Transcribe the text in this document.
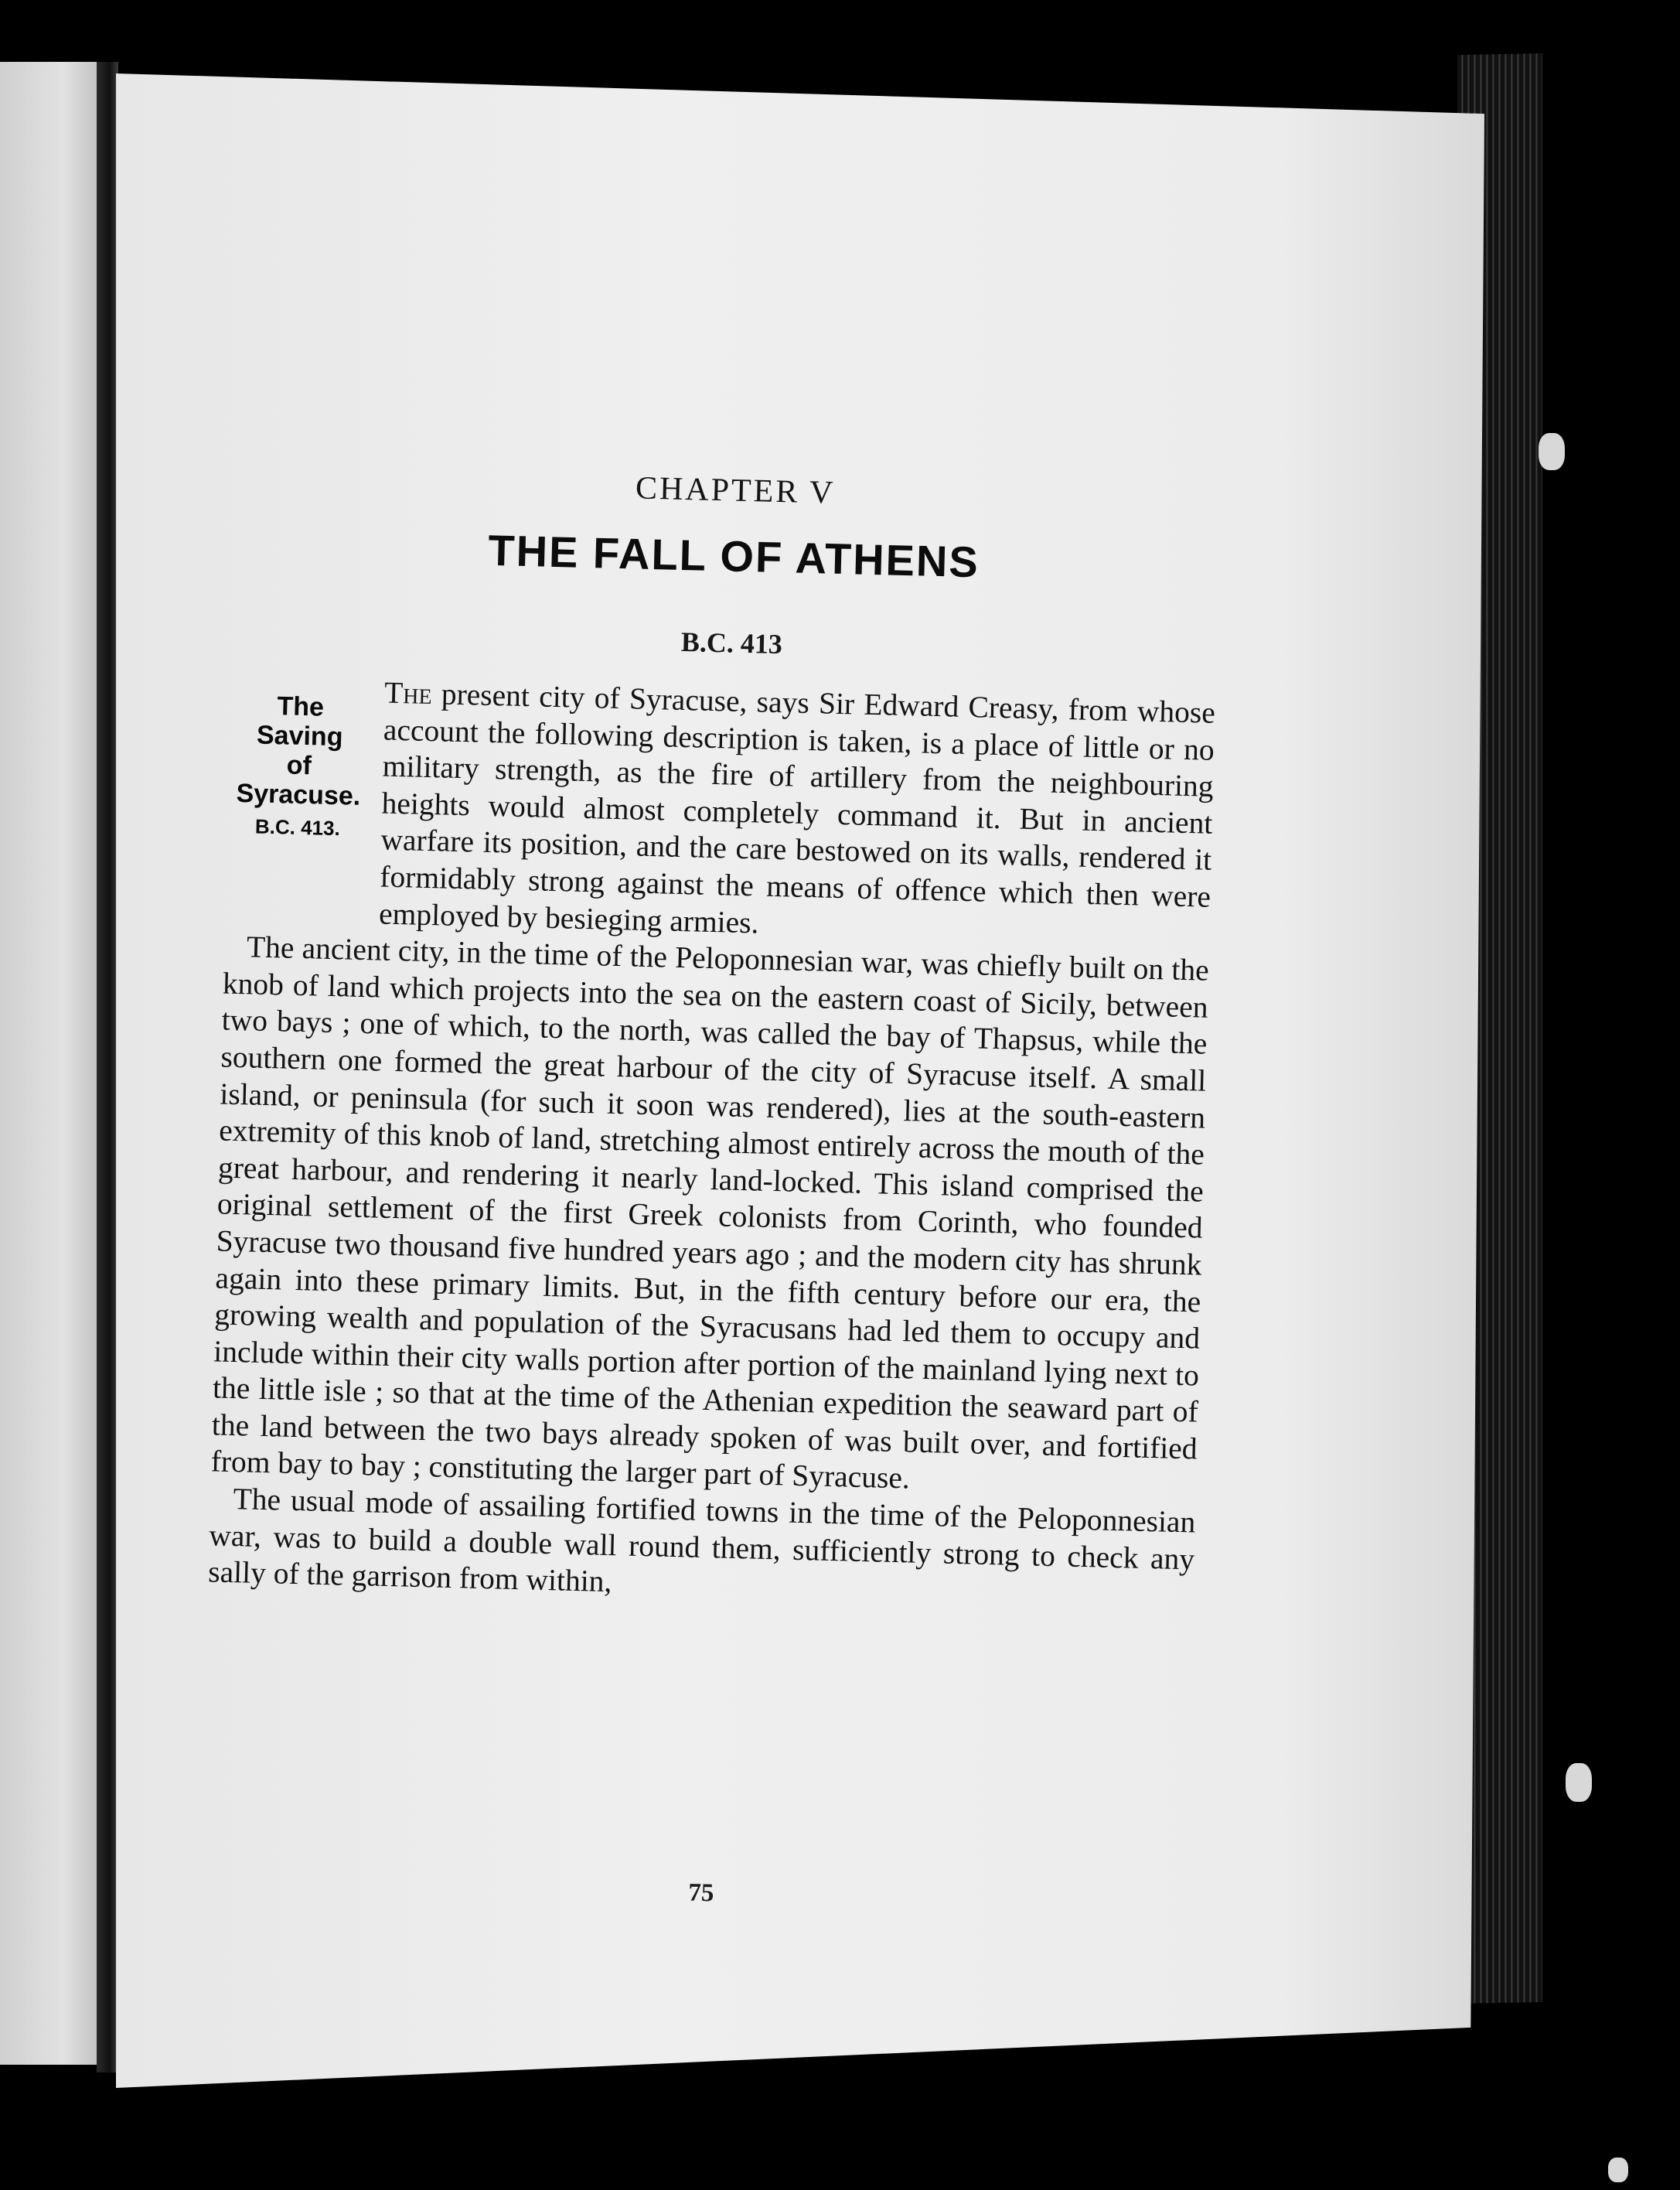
CHAPTER V
THE FALL OF ATHENS
B.C. 413
The
Saving
of
Syracuse.
B.C. 413.

The present city of Syracuse, says Sir Edward Creasy, from whose account the following description is taken, is a place of little or no military strength, as the fire of artillery from the neighbouring heights would almost completely command it. But in ancient warfare its position, and the care bestowed on its walls, rendered it formidably strong against the means of offence which then were employed by besieging armies.

The ancient city, in the time of the Peloponnesian war, was chiefly built on the knob of land which projects into the sea on the eastern coast of Sicily, between two bays ; one of which, to the north, was called the bay of Thapsus, while the southern one formed the great harbour of the city of Syracuse itself. A small island, or peninsula (for such it soon was rendered), lies at the south-eastern extremity of this knob of land, stretching almost entirely across the mouth of the great harbour, and rendering it nearly land-locked. This island comprised the original settlement of the first Greek colonists from Corinth, who founded Syracuse two thousand five hundred years ago ; and the modern city has shrunk again into these primary limits. But, in the fifth century before our era, the growing wealth and population of the Syracusans had led them to occupy and include within their city walls portion after portion of the mainland lying next to the little isle ; so that at the time of the Athenian expedition the seaward part of the land between the two bays already spoken of was built over, and fortified from bay to bay ; constituting the larger part of Syracuse.

The usual mode of assailing fortified towns in the time of the Peloponnesian war, was to build a double wall round them, sufficiently strong to check any sally of the garrison from within,

75
